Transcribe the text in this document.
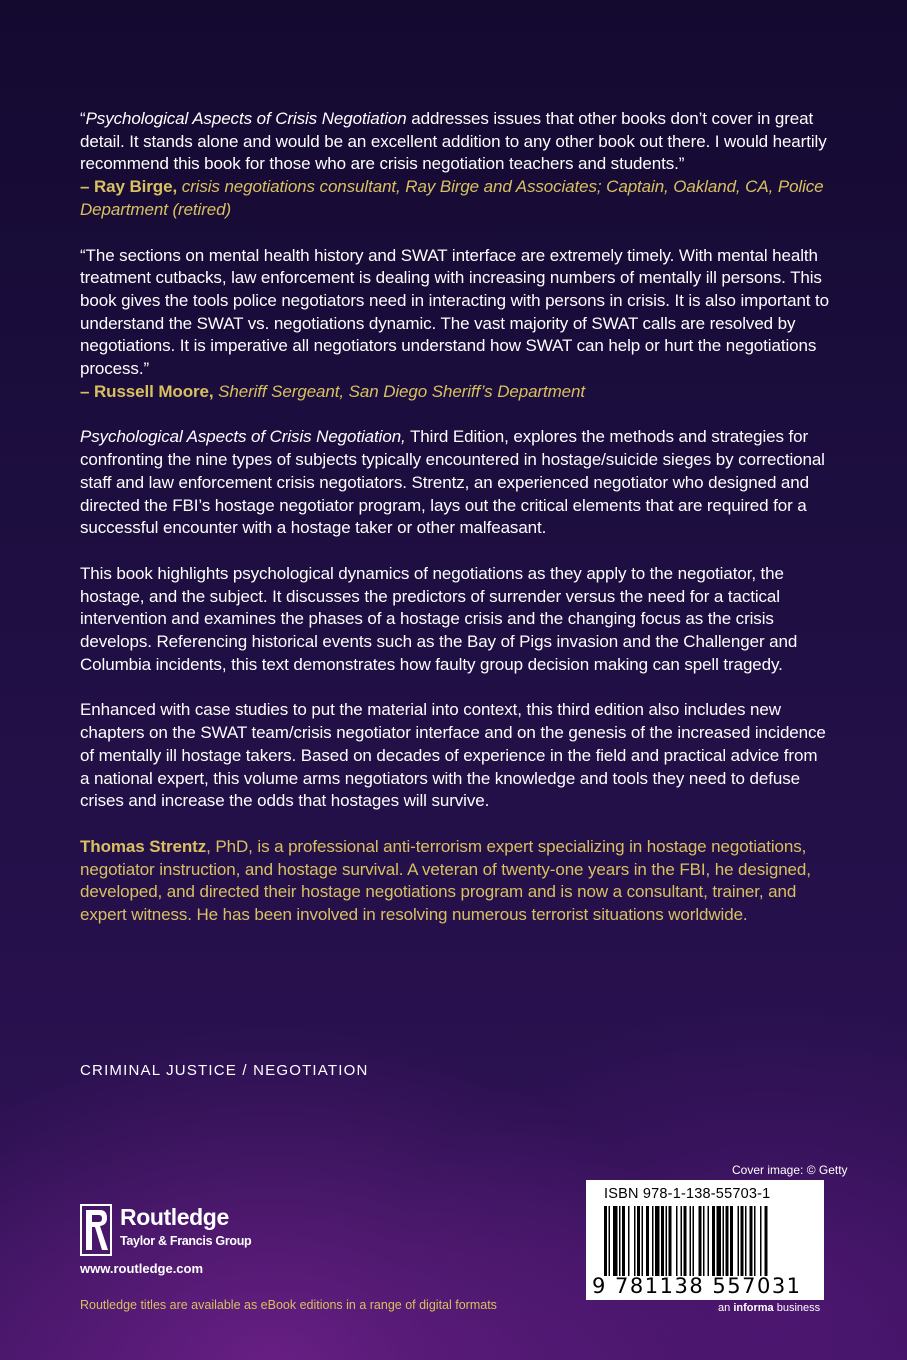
“Psychological Aspects of Crisis Negotiation addresses issues that other books don’t cover in great detail. It stands alone and would be an excellent addition to any other book out there. I would heartily recommend this book for those who are crisis negotiation teachers and students.”

– Ray Birge, crisis negotiations consultant, Ray Birge and Associates; Captain, Oakland, CA, Police Department (retired)

“The sections on mental health history and SWAT interface are extremely timely. With mental health treatment cutbacks, law enforcement is dealing with increasing numbers of mentally ill persons. This book gives the tools police negotiators need in interacting with persons in crisis. It is also important to understand the SWAT vs. negotiations dynamic. The vast majority of SWAT calls are resolved by negotiations. It is imperative all negotiators understand how SWAT can help or hurt the negotiations process.”

– Russell Moore, Sheriff Sergeant, San Diego Sheriff’s Department

Psychological Aspects of Crisis Negotiation, Third Edition, explores the methods and strategies for confronting the nine types of subjects typically encountered in hostage/suicide sieges by correctional staff and law enforcement crisis negotiators. Strentz, an experienced negotiator who designed and directed the FBI’s hostage negotiator program, lays out the critical elements that are required for a successful encounter with a hostage taker or other malfeasant.

This book highlights psychological dynamics of negotiations as they apply to the negotiator, the hostage, and the subject. It discusses the predictors of surrender versus the need for a tactical intervention and examines the phases of a hostage crisis and the changing focus as the crisis develops. Referencing historical events such as the Bay of Pigs invasion and the Challenger and Columbia incidents, this text demonstrates how faulty group decision making can spell tragedy.

Enhanced with case studies to put the material into context, this third edition also includes new chapters on the SWAT team/crisis negotiator interface and on the genesis of the increased incidence of mentally ill hostage takers. Based on decades of experience in the field and practical advice from a national expert, this volume arms negotiators with the knowledge and tools they need to defuse crises and increase the odds that hostages will survive.

Thomas Strentz, PhD, is a professional anti-terrorism expert specializing in hostage negotiations, negotiator instruction, and hostage survival. A veteran of twenty-one years in the FBI, he designed, developed, and directed their hostage negotiations program and is now a consultant, trainer, and expert witness. He has been involved in resolving numerous terrorist situations worldwide.

CRIMINAL JUSTICE / NEGOTIATION
Routledge
Taylor & Francis Group
www.routledge.com
Routledge titles are available as eBook editions in a range of digital formats
Cover image: © Getty
ISBN 978-1-138-55703-1
9 781138 557031
an informa business
